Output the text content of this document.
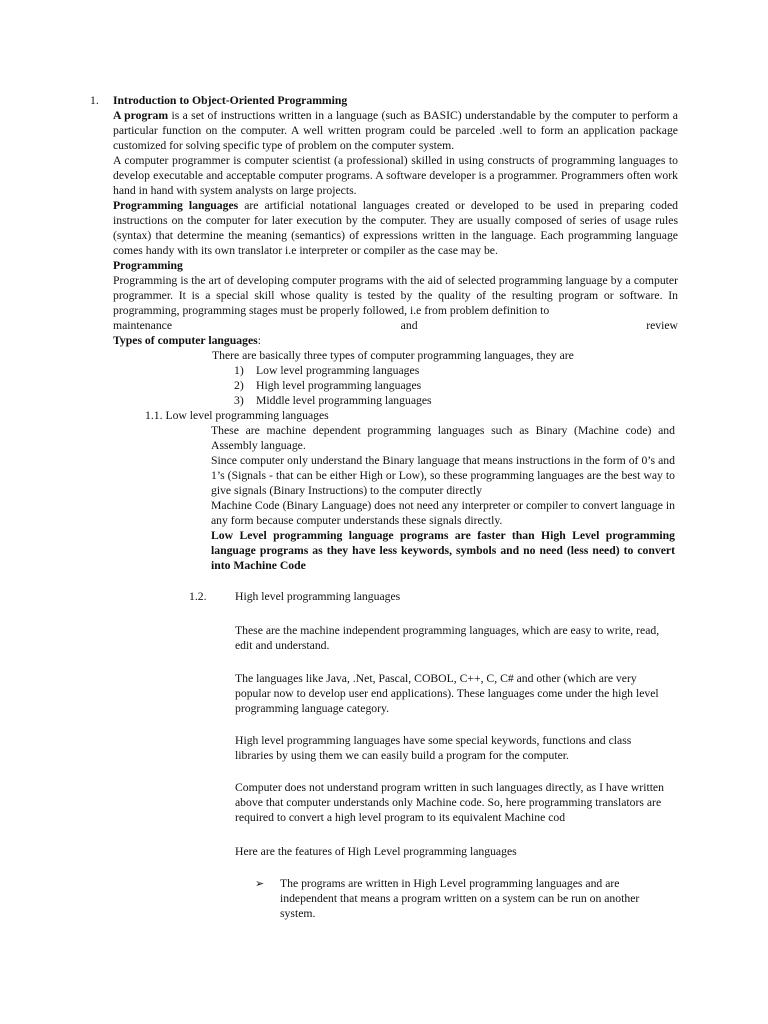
1. Introduction to Object-Oriented Programming

A program is a set of instructions written in a language (such as BASIC) understandable by the computer to perform a particular function on the computer. A well written program could be parceled .well to form an application package customized for solving specific type of problem on the computer system.

A computer programmer is computer scientist (a professional) skilled in using constructs of programming languages to develop executable and acceptable computer programs. A software developer is a programmer. Programmers often work hand in hand with system analysts on large projects.

Programming languages are artificial notational languages created or developed to be used in preparing coded instructions on the computer for later execution by the computer. They are usually composed of series of usage rules (syntax) that determine the meaning (semantics) of expressions written in the language. Each programming language comes handy with its own translator i.e interpreter or compiler as the case may be.

Programming

Programming is the art of developing computer programs with the aid of selected programming language by a computer programmer. It is a special skill whose quality is tested by the quality of the resulting program or software. In programming, programming stages must be properly followed, i.e from problem definition to

maintenance and review

Types of computer languages:

There are basically three types of computer programming languages, they are

1)	Low level programming languages
2)	High level programming languages
3)	Middle level programming languages

1.1. Low level programming languages

These are machine dependent programming languages such as Binary (Machine code) and Assembly language.

Since computer only understand the Binary language that means instructions in the form of 0’s and 1’s (Signals - that can be either High or Low), so these programming languages are the best way to give signals (Binary Instructions) to the computer directly

Machine Code (Binary Language) does not need any interpreter or compiler to convert language in any form because computer understands these signals directly.

Low Level programming language programs are faster than High Level programming language programs as they have less keywords, symbols and no need (less need) to convert into Machine Code

1.2. High level programming languages

These are the machine independent programming languages, which are easy to write, read, edit and understand.

The languages like Java, .Net, Pascal, COBOL, C++, C, C# and other (which are very popular now to develop user end applications). These languages come under the high level programming language category.

High level programming languages have some special keywords, functions and class libraries by using them we can easily build a program for the computer.

Computer does not understand program written in such languages directly, as I have written above that computer understands only Machine code. So, here programming translators are required to convert a high level program to its equivalent Machine cod

Here are the features of High Level programming languages

➢ The programs are written in High Level programming languages and are independent that means a program written on a system can be run on another system.
